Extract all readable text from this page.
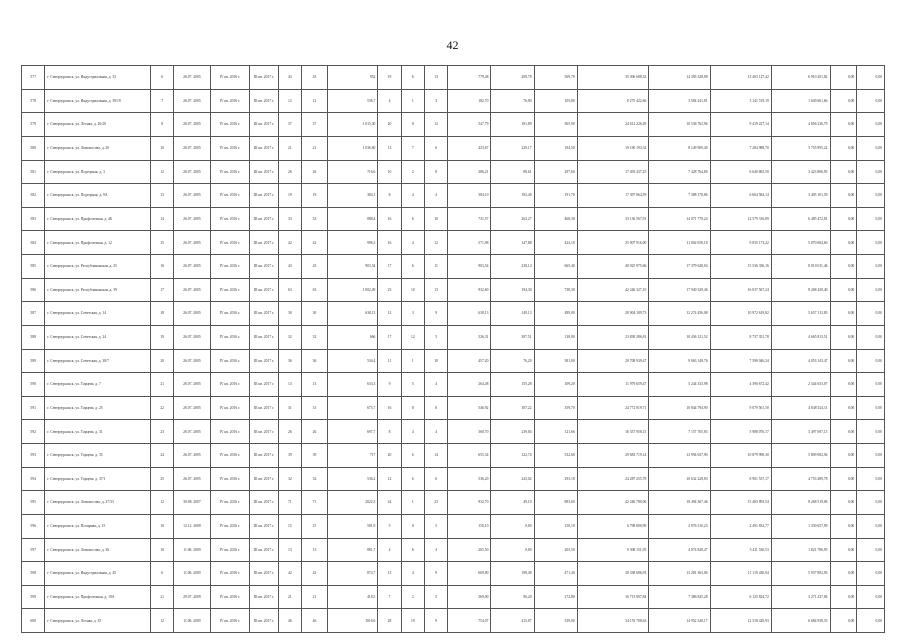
42
577	г. Североуральск, ул. Индустриальная, д. 33	6	26.07. 2005	IV кв. 2016 г.	III кв. 2017 г.	43	43	952	19	6	13	779,48	209,78	569,70	35 306 688,32	14 393 328,98	13 403 127,42	6 910 201,82	0,00	0,00
578	г. Североуральск, ул. Индустриальная, д. 39/19	7	26.07. 2005	IV кв. 2016 г.	III кв. 2017 г.	12	12	536,7	4	1	3	182,70	76,90	105,80	8 275 422,66	3 584 241,81	3 141 519,19	1 649 661,66	0,00	0,00
579	г. Североуральск, ул. Лесная, д. 26/20	8	26.07. 2005	IV кв. 2016 г.	III кв. 2017 г.	37	37	1 015,30	20	8	12	547,79	181,89	365,90	24 612 226,49	10 536 762,96	9 419 227,14	4 856 236,79	0,00	0,00
580	г. Североуральск, ул. Ломоносова, д. 20	10	26.07. 2005	IV кв. 2016 г.	III кв. 2017 г.	21	21	1 036,60	13	7	6	423,67	229,17	194,50	19 190 193,32	8 149 909,40	7 284 988,70	3 755 895,22	0,00	0,00
581	г. Североуральск, ул. Подгорная, д. 3	12	26.07. 2005	IV кв. 2016 г.	III кв. 2017 г.	26	26	716,6	10	2	8	386,21	88,61	297,60	17 493 437,25	7 428 764,80	6 640 865,50	3 423 806,95	0,00	0,00
582	г. Североуральск, ул. Подгорная, д. 9А	13	26.07. 2005	IV кв. 2016 г.	III кв. 2017 г.	19	19	384,1	8	4	4	384,10	192,40	191,70	17 397 864,59	7 388 178,86	6 604 584,14	3 405 101,59	0,00	0,00
583	г. Североуральск, ул. Профсоюзная, д. 4Б	14	26.07. 2005	IV кв. 2016 г.	III кв. 2017 г.	33	33	888,4	16	6	10	731,57	263,27	468,30	33 136 567,91	14 071 778,24	12 579 316,89	6 485 472,81	0,00	0,00
584	г. Североуральск, ул. Профсоюзная, д. 12	15	26.07. 2005	IV кв. 2016 г.	III кв. 2017 г.	42	42	996,3	16	4	12	571,98	147,88	424,10	25 907 916,00	11 002 058,18	9 835 173,22	5 070 684,60	0,00	0,00
585	г. Североуральск, ул. Республиканская, д. 25	16	26.07. 2005	IV кв. 2016 г.	III кв. 2017 г.	43	43	903,54	17	6	11	903,54	238,14	665,40	40 925 975,66	17 379 628,04	15 536 336,16	8 010 011,46	0,00	0,00
586	г. Североуральск, ул. Республиканская, д. 39	17	26.07. 2005	IV кв. 2016 г.	III кв. 2017 г.	63	63	1 002,49	23	10	13	932,60	194,30	738,30	42 246 327,10	17 940 329,46	16 037 567,24	8 268 430,40	0,00	0,00
587	г. Североуральск, ул. Советская, д. 14	18	26.07. 2005	IV кв. 2016 г.	III кв. 2017 г.	30	30	638,13	12	3	9	638,13	149,13	489,00	28 904 189,73	12 274 456,08	10 972 619,82	5 657 113,83	0,00	0,00
588	г. Североуральск, ул. Советская, д. 24	19	26.07. 2005	IV кв. 2016 г.	III кв. 2017 г.	32	32	666	17	12	5	526,31	387,51	138,80	23 839 286,81	10 436 121,52	8 737 351,78	4 665 813,51	0,00	0,00
589	г. Североуральск, ул. Советская, д. 38/7	20	26.07. 2005	IV кв. 2016 г.	III кв. 2017 г.	36	36	534,4	11	1	10	457,20	76,20	381,00	20 708 939,47	9 063 149,76	7 590 046,24	4 053 143,47	0,00	0,00
590	г. Североуральск, ул. Торцева, д. 7	21	26.07. 2005	IV кв. 2016 г.	III кв. 2017 г.	13	13	633,3	9	5	4	264,48	155,28	109,20	11 979 659,47	5 244 333,98	4 390 672,42	2 344 653,07	0,00	0,00
591	г. Североуральск, ул. Торцева, д. 25	22	26.07. 2005	IV кв. 2016 г.	III кв. 2017 г.	31	31	675,7	16	8	8	546,92	187,22	359,70	24 772 819,71	10 844 794,90	9 079 501,50	4 848 524,11	0,00	0,00
592	г. Североуральск, ул. Торцева, д. 31	23	26.07. 2005	IV кв. 2016 г.	III кв. 2017 г.	26	26	697,7	8	4	4	360,70	239,04	121,66	16 337 958,15	7 157 765,83	5 988 076,17	3 497 697,15	0,00	0,00
593	г. Североуральск, ул. Торцева, д. 35	24	26.07. 2005	IV кв. 2016 г.	III кв. 2017 г.	39	39	717	20	6	14	655,34	122,74	532,60	29 683 719,14	12 994 637,90	10 879 998,30	5 809 082,94	0,00	0,00
594	г. Североуральск, ул. Торцева, д. 37/1	25	26.07. 2005	IV кв. 2016 г.	III кв. 2017 г.	32	32	536,2	12	6	6	536,20	243,02	293,18	24 287 255,78	10 632 228,83	8 901 537,17	4 753 489,78	0,00	0,00
595	г. Североуральск, ул. Ломоносова, д. 27/33	12	30.08. 2007	IV кв. 2016 г.	III кв. 2017 г.	71	71	2022,5	24	1	23	932,70	49,10	883,60	42 246 780,06	18 494 367,46	15 483 893,54	8 268 519,06	0,00	0,00
596	г. Североуральск, ул. Полярная, д. 15	10	12.12. 2008	IV кв. 2016 г.	III кв. 2017 г.	15	15	581,9	5	0	5	150,10	0,00	150,10	6 798 800,99	2 976 310,23	2 491 832,77	1 330 657,99	0,00	0,00
597	г. Североуральск, ул. Ломоносова, д. 36	10	11.06. 2009	IV кв. 2016 г.	III кв. 2017 г.	13	13	881,7	4	6	4	205,50	0,00	205,50	9 308 151,95	4 074 828,47	3 411 536,53	1 821 786,95	0,00	0,00
598	г. Североуральск, ул. Индустриальная, д. 45	6	11.06. 2009	IV кв. 2016 г.	III кв. 2017 г.	42	42	874,7	13	4	9	669,80	198,40	471,40	30 338 686,93	13 281 363,06	11 119 430,94	5 937 892,93	0,00	0,00
599	г. Североуральск, ул. Профсоюзная, д. 10А	21	29.07. 2009	IV кв. 2016 г.	III кв. 2017 г.	21	21	418,5	7	2	5	369,00	96,20	272,80	16 713 907,84	7 386 845,28	6 125 824,72	3 271 237,84	0,00	0,00
600	г. Североуральск, ул. Лесная, д. 35	12	11.06. 2009	IV кв. 2016 г.	III кв. 2017 г.	46	46	1018,6	28	19	9	754,07	415,07	339,00	34 155 708,63	14 952 340,17	12 518 429,93	6 684 938,53	0,00	0,00
